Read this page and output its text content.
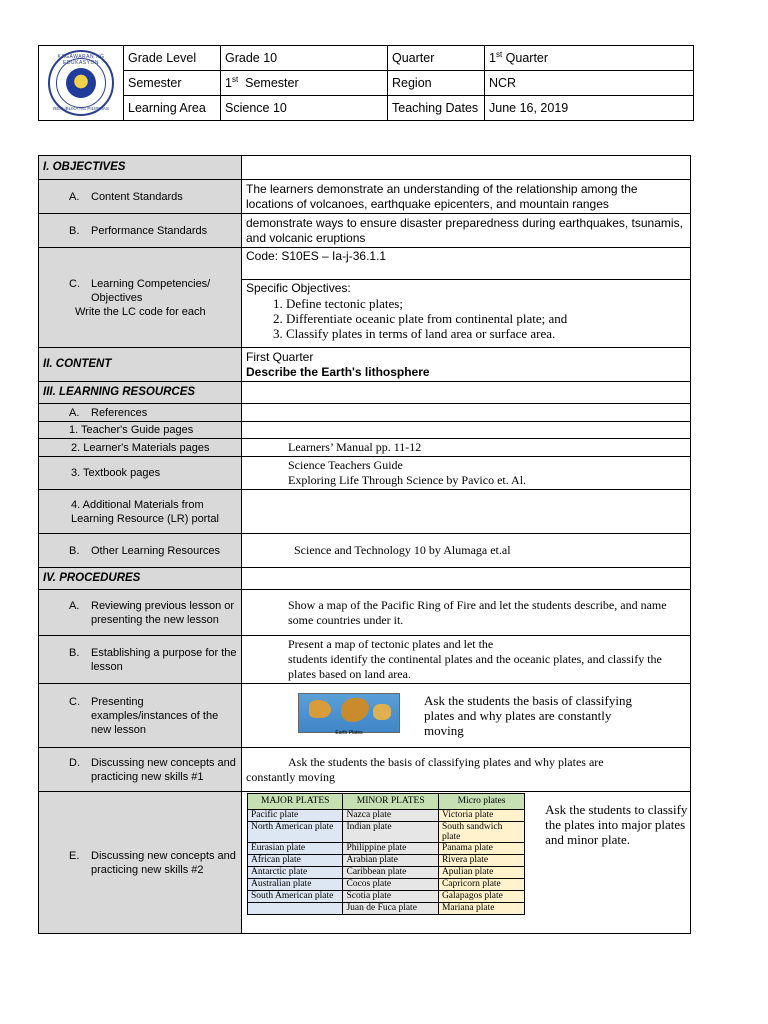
KAGAWARAN NG EDUKASYON
REPUBLIKA NG PILIPINAS	Grade Level	Grade 10	Quarter	1st Quarter
	Semester	1st  Semester	Region	NCR
	Learning Area	Science 10	Teaching Dates	June 16, 2019
I. OBJECTIVES	

A.	Content Standards
	The learners demonstrate an understanding of the relationship among the locations of volcanoes, earthquake epicenters, and mountain ranges

B.	Performance Standards
	demonstrate ways to ensure disaster preparedness during earthquakes, tsunamis, and volcanic eruptions

C.	Learning Competencies/ Objectives
Write the LC code for each
	Code: S10ES – Ia-j-36.1.1

Specific Objectives:
1. Define tectonic plates;
2. Differentiate oceanic plate from continental plate; and
3. Classify plates in terms of land area or surface area.

II. CONTENT	
First Quarter
Describe the Earth's lithosphere

III. LEARNING RESOURCES	

A.	References

1. Teacher's Guide pages	
2. Learner's Materials pages	Learners’ Manual pp. 11-12
3. Textbook pages	
Science Teachers Guide
Exploring Life Through Science by Pavico et. Al.

4. Additional Materials from Learning Resource (LR) portal	

B.	Other Learning Resources	Science and Technology 10 by Alumaga et.al
IV. PROCEDURES	

A.	Reviewing previous lesson or presenting the new lesson
	Show a map of the Pacific Ring of Fire and let the students describe, and name some countries under it.

B.	Establishing a purpose for the lesson

Present a map of tectonic plates and let the
students identify the continental plates and the oceanic plates, and classify the plates based on land area.

C.	Presenting examples/instances of the new lesson	Earth Plates
Ask the students the basis of classifying plates and why plates are constantly moving

D.	Discussing new concepts and practicing new skills #1

Ask the students the basis of classifying plates and why plates are
constantly moving

E.	Discussing new concepts and practicing new skills #2

MAJOR PLATES	MINOR PLATES	Micro plates
Pacific plate	Nazca plate	Victoria plate
North American plate	Indian plate	South sandwich plate
Eurasian plate	Philippine plate	Panama plate
African plate	Arabian plate	Rivera plate
Antarctic plate	Caribbean plate	Apulian plate
Australian plate	Cocos plate	Capricorn plate
South American plate	Scotia plate	Galapagos plate
	Juan de Fuca plate	Mariana plate
Ask the students to classify the plates into major plates and minor plate.
